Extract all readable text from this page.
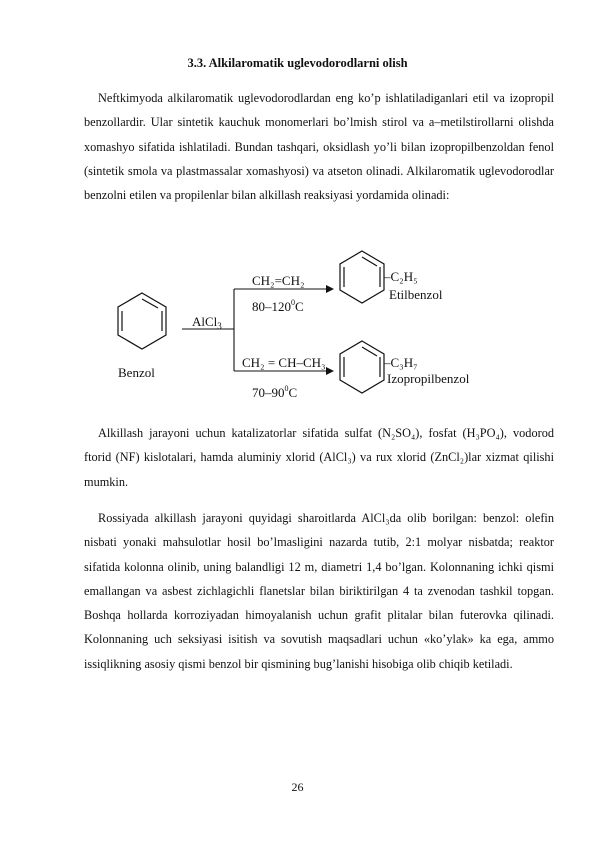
3.3. Alkilaromatik uglevodorodlarni olish

Neftkimyoda alkilaromatik uglevodorodlardan eng ko’p ishlatiladiganlari etil va izopropil benzollardir. Ular sintetik kauchuk monomerlari bo’lmish stirol va a–metilstirollarni olishda xomashyo sifatida ishlatiladi. Bundan tashqari, oksidlash yo’li bilan izopropilbenzoldan fenol (sintetik smola va plastmassalar xomashyosi) va atseton olinadi. Alkilaromatik uglevodorodlar benzolni etilen va propilenlar bilan alkillash reaksiyasi yordamida olinadi:

Benzol
AlCl$_3$
CH₂=CH₂
$80-120^0C$
–C₂H₅
Etilbenzol
CH₂ = CH–CH₃
$70-90^0C$
–C₃H₇
Izopropilbenzol

Alkillash jarayoni uchun katalizatorlar sifatida sulfat (N₂SO₄), fosfat (H₃PO₄), vodorod ftorid (NF) kislotalari, hamda aluminiy xlorid (AlCl₃) va rux xlorid (ZnCl₂)lar xizmat qilishi mumkin.

Rossiyada alkillash jarayoni quyidagi sharoitlarda AlCl₃da olib borilgan: benzol: olefin nisbati yonaki mahsulotlar hosil bo’lmasligini nazarda tutib, 2:1 molyar nisbatda; reaktor sifatida kolonna olinib, uning balandligi 12 m, diametri 1,4 bo’lgan. Kolonnaning ichki qismi emallangan va asbest zichlagichli flanetslar bilan biriktirilgan 4 ta zvenodan tashkil topgan. Boshqa hollarda korroziyadan himoyalanish uchun grafit plitalar bilan futerovka qilinadi. Kolonnaning uch seksiyasi isitish va sovutish maqsadlari uchun «ko’ylak» ka ega, ammo issiqlikning asosiy qismi benzol bir qismining bug’lanishi hisobiga olib chiqib ketiladi.

26
